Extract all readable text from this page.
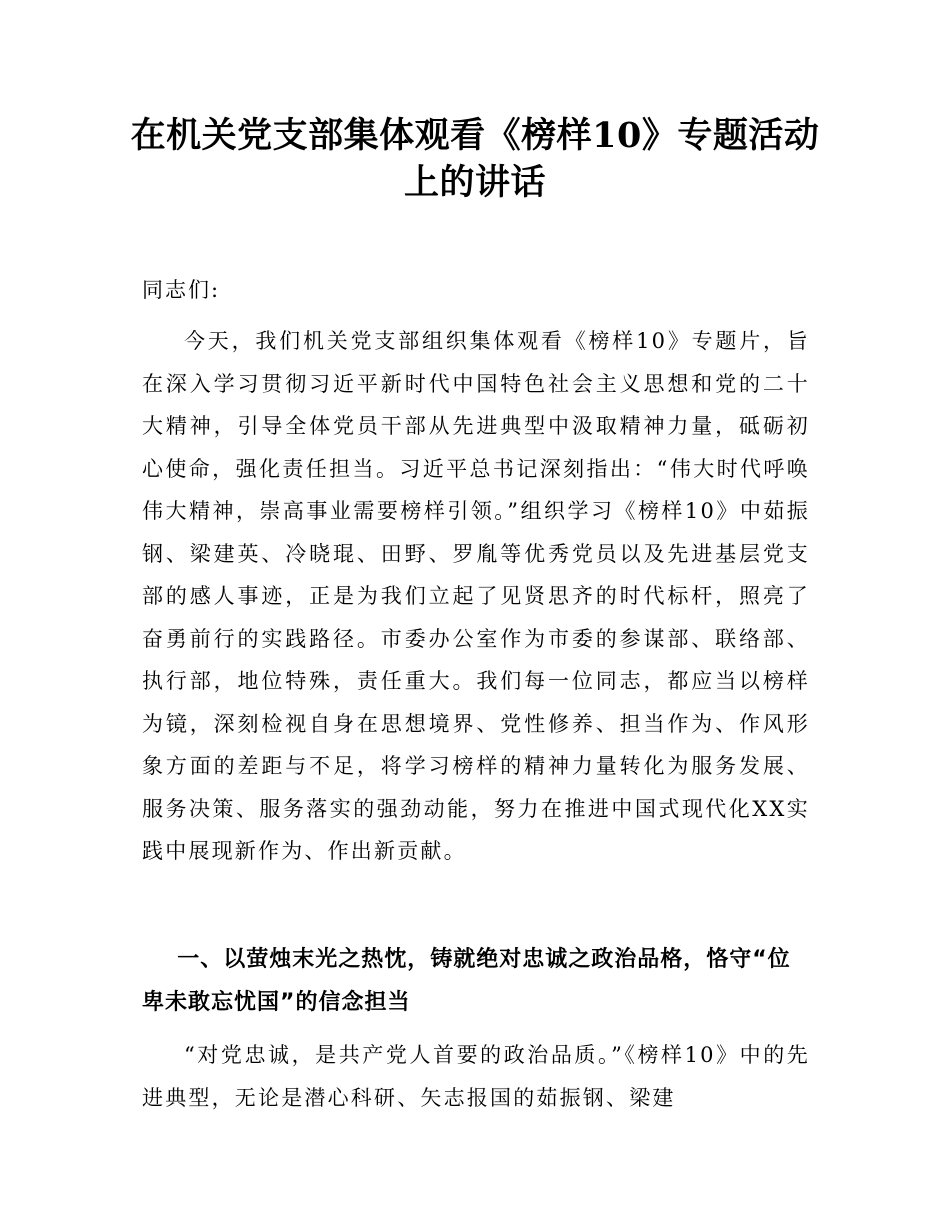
在机关党支部集体观看《榜样10》专题活动上的讲话
同志们:
今天，我们机关党支部组织集体观看《榜样10》专题片，旨在深入学习贯彻习近平新时代中国特色社会主义思想和党的二十大精神，引导全体党员干部从先进典型中汲取精神力量，砥砺初心使命，强化责任担当。习近平总书记深刻指出：“伟大时代呼唤伟大精神，崇高事业需要榜样引领。”组织学习《榜样10》中茹振钢、梁建英、冷晓琨、田野、罗胤等优秀党员以及先进基层党支部的感人事迹，正是为我们立起了见贤思齐的时代标杆，照亮了奋勇前行的实践路径。市委办公室作为市委的参谋部、联络部、执行部，地位特殊，责任重大。我们每一位同志，都应当以榜样为镜，深刻检视自身在思想境界、党性修养、担当作为、作风形象方面的差距与不足，将学习榜样的精神力量转化为服务发展、服务决策、服务落实的强劲动能，努力在推进中国式现代化XX实践中展现新作为、作出新贡献。
一、以萤烛末光之热忱，铸就绝对忠诚之政治品格，恪守“位卑未敢忘忧国”的信念担当
“对党忠诚，是共产党人首要的政治品质。”《榜样10》中的先进典型，无论是潜心科研、矢志报国的茹振钢、梁建
